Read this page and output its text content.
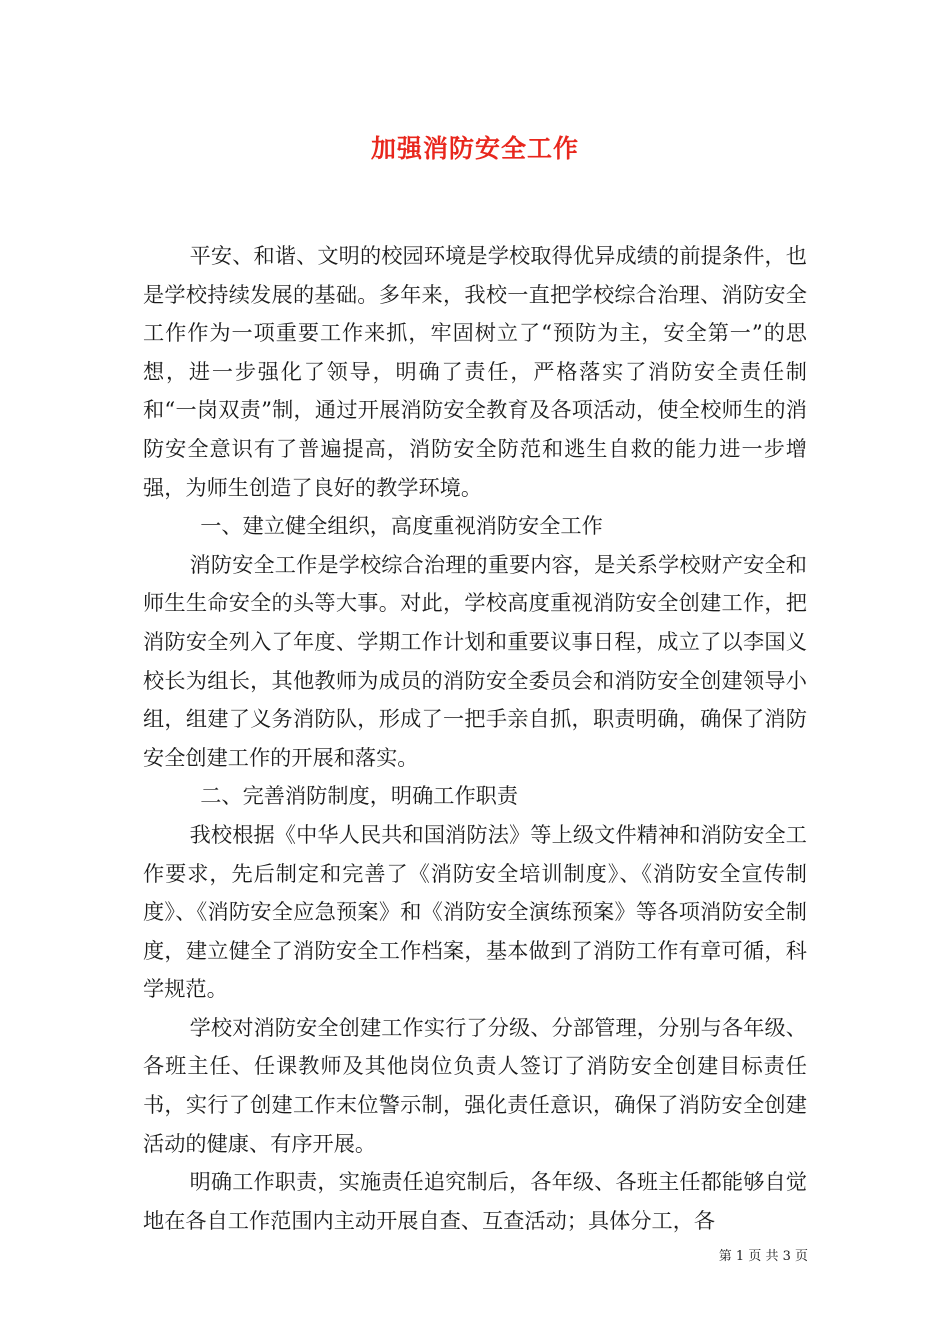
加强消防安全工作

平安、和谐、文明的校园环境是学校取得优异成绩的前提条件，也是学校持续发展的基础。多年来，我校一直把学校综合治理、消防安全工作作为一项重要工作来抓，牢固树立了“预防为主，安全第一”的思想，进一步强化了领导，明确了责任，严格落实了消防安全责任制和“一岗双责”制，通过开展消防安全教育及各项活动，使全校师生的消防安全意识有了普遍提高，消防安全防范和逃生自救的能力进一步增强，为师生创造了良好的教学环境。

一、建立健全组织，高度重视消防安全工作

消防安全工作是学校综合治理的重要内容，是关系学校财产安全和师生生命安全的头等大事。对此，学校高度重视消防安全创建工作，把消防安全列入了年度、学期工作计划和重要议事日程，成立了以李国义校长为组长，其他教师为成员的消防安全委员会和消防安全创建领导小组，组建了义务消防队，形成了一把手亲自抓，职责明确，确保了消防安全创建工作的开展和落实。

二、完善消防制度，明确工作职责

我校根据《中华人民共和国消防法》等上级文件精神和消防安全工作要求，先后制定和完善了《消防安全培训制度》、《消防安全宣传制度》、《消防安全应急预案》和《消防安全演练预案》等各项消防安全制度，建立健全了消防安全工作档案，基本做到了消防工作有章可循，科学规范。

学校对消防安全创建工作实行了分级、分部管理，分别与各年级、各班主任、任课教师及其他岗位负责人签订了消防安全创建目标责任书，实行了创建工作末位警示制，强化责任意识，确保了消防安全创建活动的健康、有序开展。

明确工作职责，实施责任追究制后，各年级、各班主任都能够自觉地在各自工作范围内主动开展自查、互查活动；具体分工，各

第 1 页 共 3 页
